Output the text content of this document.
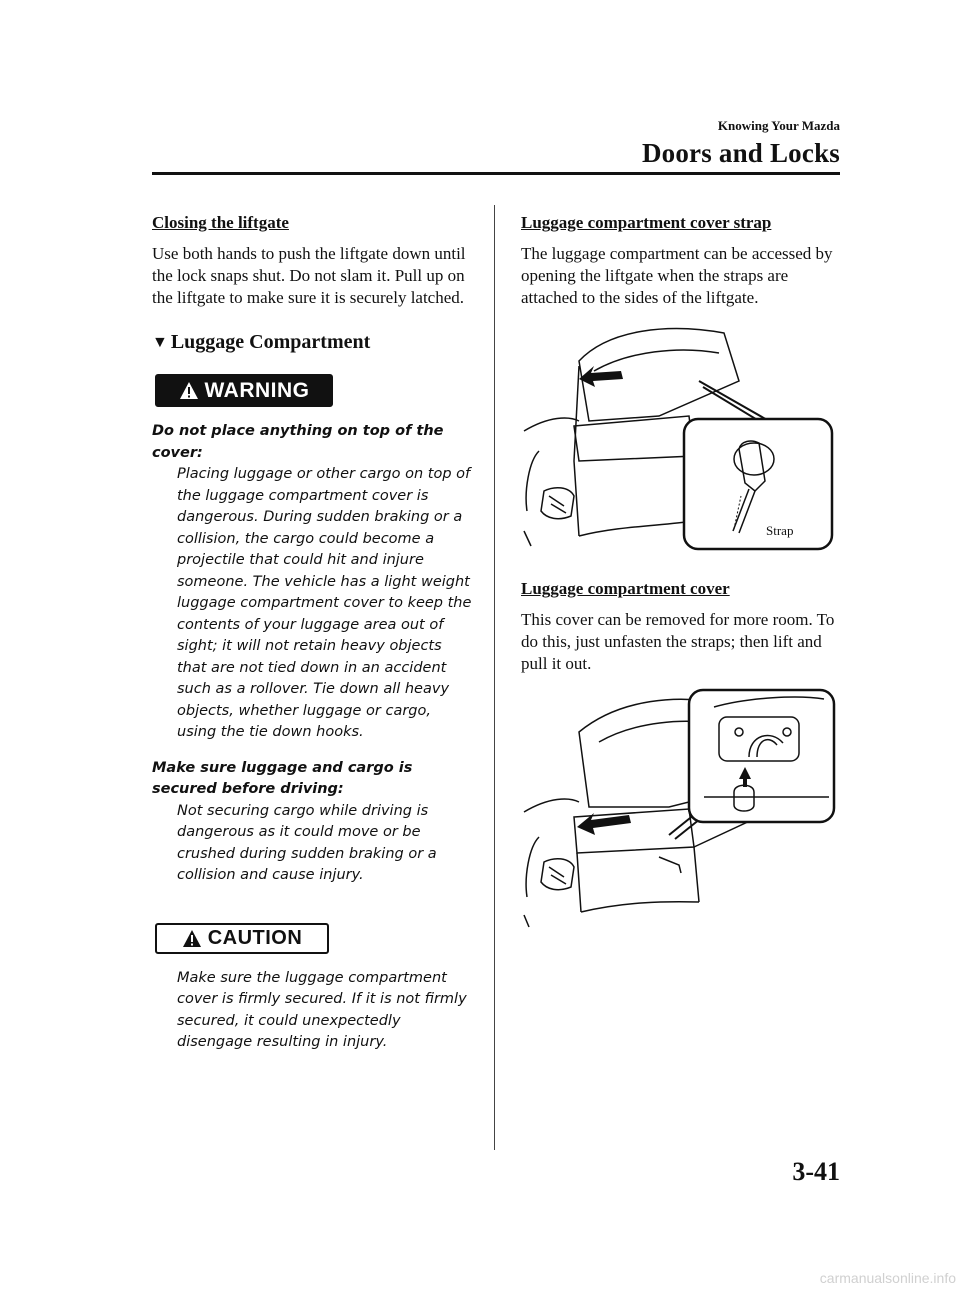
Knowing Your Mazda
Doors and Locks

Closing the liftgate

Use both hands to push the liftgate down until the lock snaps shut. Do not slam it. Pull up on the liftgate to make sure it is securely latched.

▼ Luggage Compartment
WARNING

Do not place anything on top of the cover:

Placing luggage or other cargo on top of the luggage compartment cover is dangerous. During sudden braking or a collision, the cargo could become a projectile that could hit and injure someone. The vehicle has a light weight luggage compartment cover to keep the contents of your luggage area out of sight; it will not retain heavy objects that are not tied down in an accident such as a rollover. Tie down all heavy objects, whether luggage or cargo, using the tie down hooks.

Make sure luggage and cargo is secured before driving:

Not securing cargo while driving is dangerous as it could move or be crushed during sudden braking or a collision and cause injury.

CAUTION

Make sure the luggage compartment cover is firmly secured. If it is not firmly secured, it could unexpectedly disengage resulting in injury.

Luggage compartment cover strap

The luggage compartment can be accessed by opening the liftgate when the straps are attached to the sides of the liftgate.

Strap

Luggage compartment cover

This cover can be removed for more room. To do this, just unfasten the straps; then lift and pull it out.

3-41
carmanualsonline.info
